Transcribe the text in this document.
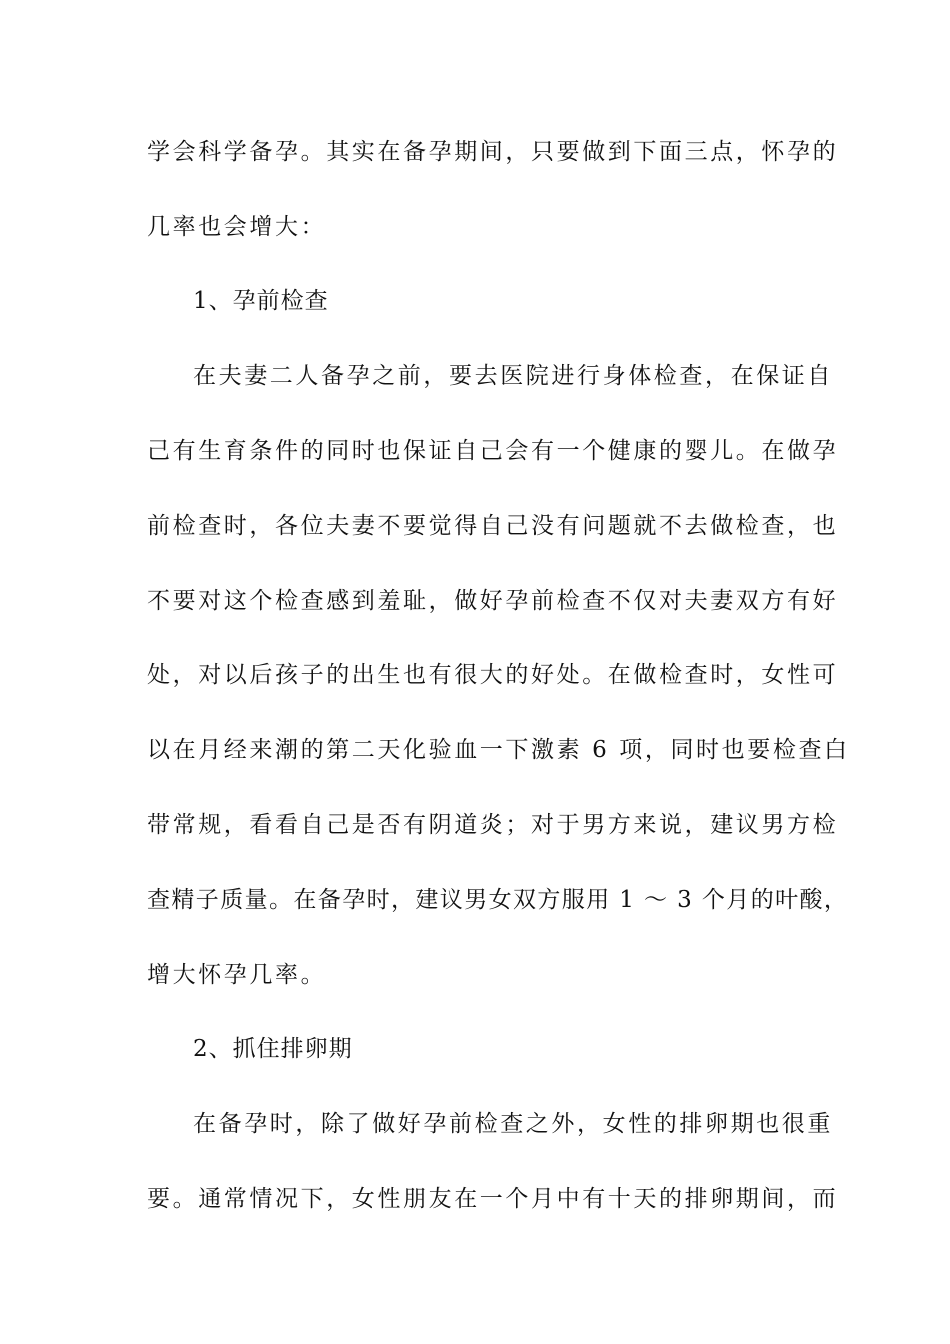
学会科学备孕。其实在备孕期间，只要做到下面三点，怀孕的
几率也会增大：
1、孕前检查
在夫妻二人备孕之前，要去医院进行身体检查，在保证自
己有生育条件的同时也保证自己会有一个健康的婴儿。在做孕
前检查时，各位夫妻不要觉得自己没有问题就不去做检查，也
不要对这个检查感到羞耻，做好孕前检查不仅对夫妻双方有好
处，对以后孩子的出生也有很大的好处。在做检查时，女性可
以在月经来潮的第二天化验血一下激素 6 项，同时也要检查白
带常规，看看自己是否有阴道炎；对于男方来说，建议男方检
查精子质量。在备孕时，建议男女双方服用 1 ～ 3 个月的叶酸，
增大怀孕几率。
2、抓住排卵期
在备孕时，除了做好孕前检查之外，女性的排卵期也很重
要。通常情况下，女性朋友在一个月中有十天的排卵期间，而
